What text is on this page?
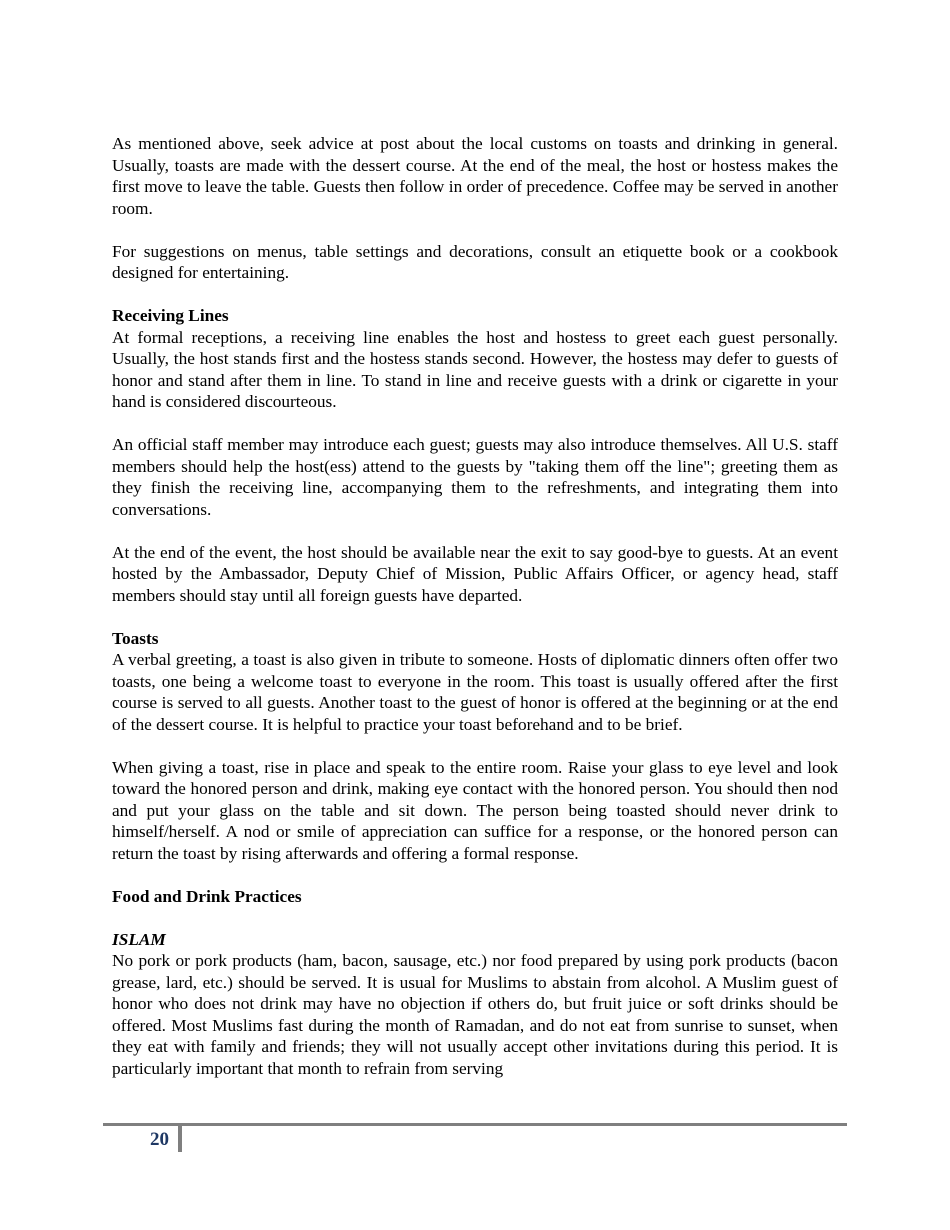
As mentioned above, seek advice at post about the local customs on toasts and drinking in general. Usually, toasts are made with the dessert course. At the end of the meal, the host or hostess makes the first move to leave the table. Guests then follow in order of precedence. Coffee may be served in another room.

For suggestions on menus, table settings and decorations, consult an etiquette book or a cookbook designed for entertaining.

Receiving Lines

At formal receptions, a receiving line enables the host and hostess to greet each guest personally. Usually, the host stands first and the hostess stands second. However, the hostess may defer to guests of honor and stand after them in line. To stand in line and receive guests with a drink or cigarette in your hand is considered discourteous.

An official staff member may introduce each guest; guests may also introduce themselves. All U.S. staff members should help the host(ess) attend to the guests by "taking them off the line"; greeting them as they finish the receiving line, accompanying them to the refreshments, and integrating them into conversations.

At the end of the event, the host should be available near the exit to say good-bye to guests. At an event hosted by the Ambassador, Deputy Chief of Mission, Public Affairs Officer, or agency head, staff members should stay until all foreign guests have departed.

Toasts

A verbal greeting, a toast is also given in tribute to someone. Hosts of diplomatic dinners often offer two toasts, one being a welcome toast to everyone in the room. This toast is usually offered after the first course is served to all guests. Another toast to the guest of honor is offered at the beginning or at the end of the dessert course. It is helpful to practice your toast beforehand and to be brief.

When giving a toast, rise in place and speak to the entire room. Raise your glass to eye level and look toward the honored person and drink, making eye contact with the honored person. You should then nod and put your glass on the table and sit down. The person being toasted should never drink to himself/herself. A nod or smile of appreciation can suffice for a response, or the honored person can return the toast by rising afterwards and offering a formal response.

Food and Drink Practices

ISLAM

No pork or pork products (ham, bacon, sausage, etc.) nor food prepared by using pork products (bacon grease, lard, etc.) should be served. It is usual for Muslims to abstain from alcohol. A Muslim guest of honor who does not drink may have no objection if others do, but fruit juice or soft drinks should be offered. Most Muslims fast during the month of Ramadan, and do not eat from sunrise to sunset, when they eat with family and friends; they will not usually accept other invitations during this period. It is particularly important that month to refrain from serving

20
